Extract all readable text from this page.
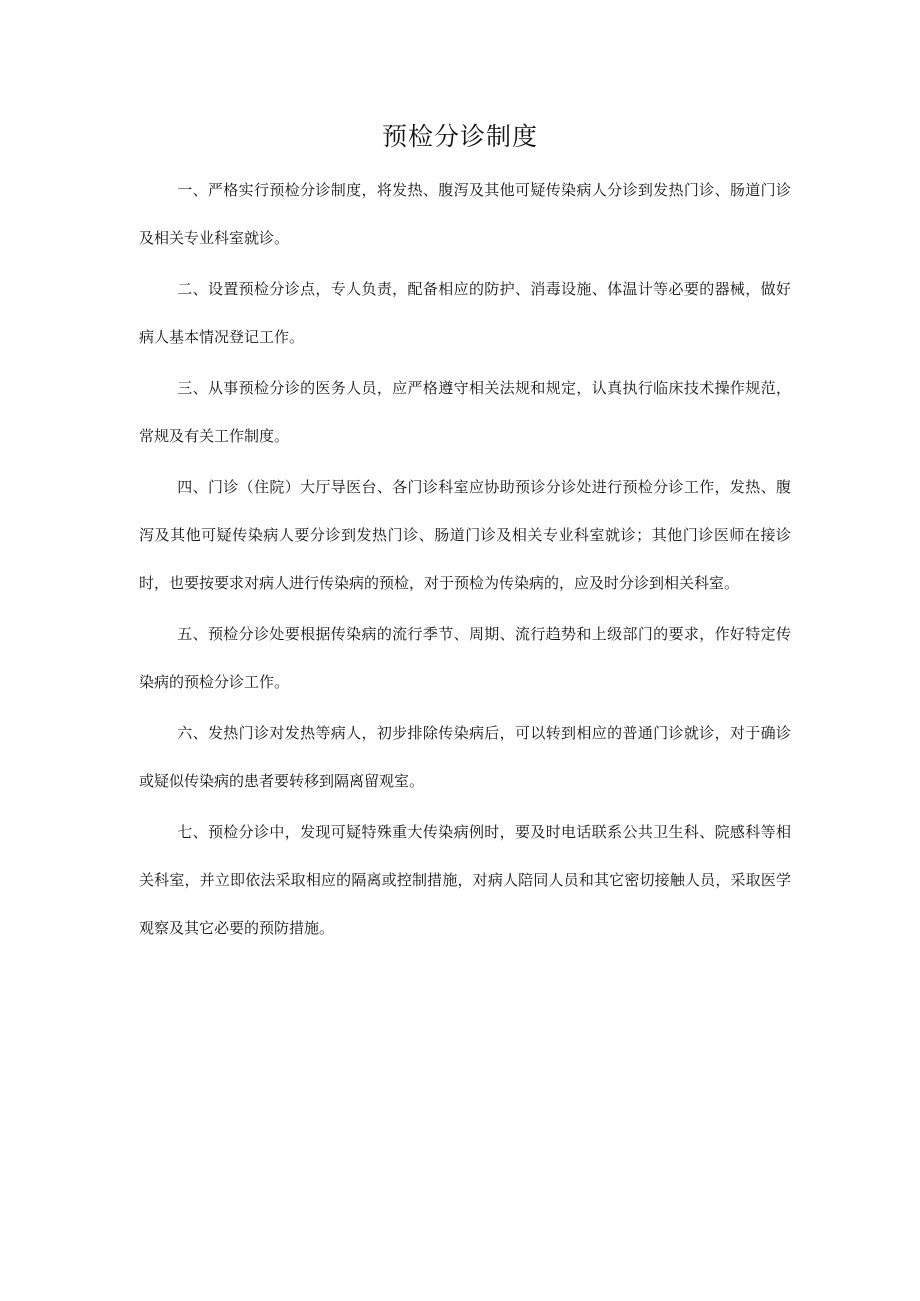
预检分诊制度

一、严格实行预检分诊制度，将发热、腹泻及其他可疑传染病人分诊到发热门诊、肠道门诊及相关专业科室就诊。

二、设置预检分诊点，专人负责，配备相应的防护、消毒设施、体温计等必要的器械，做好病人基本情况登记工作。

三、从事预检分诊的医务人员，应严格遵守相关法规和规定，认真执行临床技术操作规范，常规及有关工作制度。

四、门诊（住院）大厅导医台、各门诊科室应协助预诊分诊处进行预检分诊工作，发热、腹泻及其他可疑传染病人要分诊到发热门诊、肠道门诊及相关专业科室就诊；其他门诊医师在接诊时，也要按要求对病人进行传染病的预检，对于预检为传染病的，应及时分诊到相关科室。

五、预检分诊处要根据传染病的流行季节、周期、流行趋势和上级部门的要求，作好特定传染病的预检分诊工作。

六、发热门诊对发热等病人，初步排除传染病后，可以转到相应的普通门诊就诊，对于确诊或疑似传染病的患者要转移到隔离留观室。

七、预检分诊中，发现可疑特殊重大传染病例时，要及时电话联系公共卫生科、院感科等相关科室，并立即依法采取相应的隔离或控制措施，对病人陪同人员和其它密切接触人员，采取医学观察及其它必要的预防措施。
